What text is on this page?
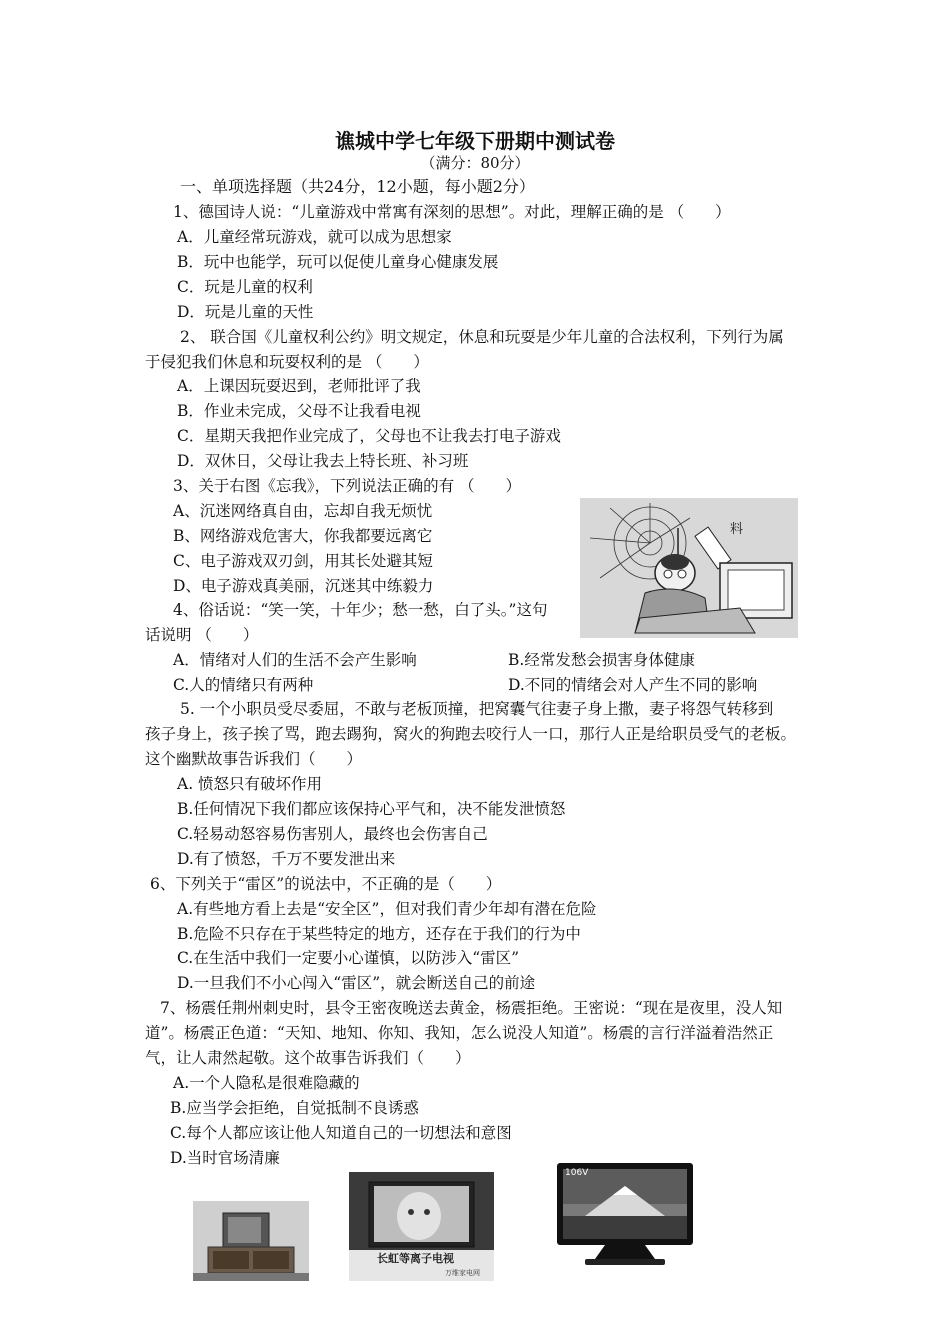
谯城中学七年级下册期中测试卷
（满分：80分）
一、单项选择题（共24分，12小题，每小题2分）
1、德国诗人说：“儿童游戏中常寓有深刻的思想”。对此，理解正确的是 （　　）
A．儿童经常玩游戏，就可以成为思想家
B．玩中也能学，玩可以促使儿童身心健康发展
C．玩是儿童的权利
D．玩是儿童的天性
2、 联合国《儿童权利公约》明文规定，休息和玩耍是少年儿童的合法权利，下列行为属
于侵犯我们休息和玩耍权利的是 （　　）
A．上课因玩耍迟到，老师批评了我
B．作业未完成，父母不让我看电视
C．星期天我把作业完成了，父母也不让我去打电子游戏
D．双休日，父母让我去上特长班、补习班
3、关于右图《忘我》，下列说法正确的有 （　　）
A、沉迷网络真自由，忘却自我无烦忧
B、网络游戏危害大，你我都要远离它
C、电子游戏双刃剑，用其长处避其短
D、电子游戏真美丽，沉迷其中练毅力
料
4、俗话说：“笑一笑，十年少；愁一愁，白了头。”这句
话说明 （　　）
A．情绪对人们的生活不会产生影响	B.经常发愁会损害身体健康
C.人的情绪只有两种	D.不同的情绪会对人产生不同的影响
5. 一个小职员受尽委屈，不敢与老板顶撞，把窝囊气往妻子身上撒，妻子将怨气转移到
孩子身上，孩子挨了骂，跑去踢狗，窝火的狗跑去咬行人一口，那行人正是给职员受气的老板。
这个幽默故事告诉我们（　　）
A. 愤怒只有破坏作用
B.任何情况下我们都应该保持心平气和，决不能发泄愤怒
C.轻易动怒容易伤害别人，最终也会伤害自己
D.有了愤怒，千万不要发泄出来
6、下列关于“雷区”的说法中，不正确的是（　　）
A.有些地方看上去是“安全区”，但对我们青少年却有潜在危险
B.危险不只存在于某些特定的地方，还存在于我们的行为中
C.在生活中我们一定要小心谨慎，以防涉入“雷区”
D.一旦我们不小心闯入“雷区”，就会断送自己的前途
7、杨震任荆州刺史时，县令王密夜晚送去黄金，杨震拒绝。王密说：“现在是夜里，没人知
道”。杨震正色道：“天知、地知、你知、我知，怎么说没人知道”。杨震的言行洋溢着浩然正
气，让人肃然起敬。这个故事告诉我们（　　）
A.一个人隐私是很难隐藏的
B.应当学会拒绝，自觉抵制不良诱惑
C.每个人都应该让他人知道自己的一切想法和意图
D.当时官场清廉
长虹等离子电视
万维家电网
106V
